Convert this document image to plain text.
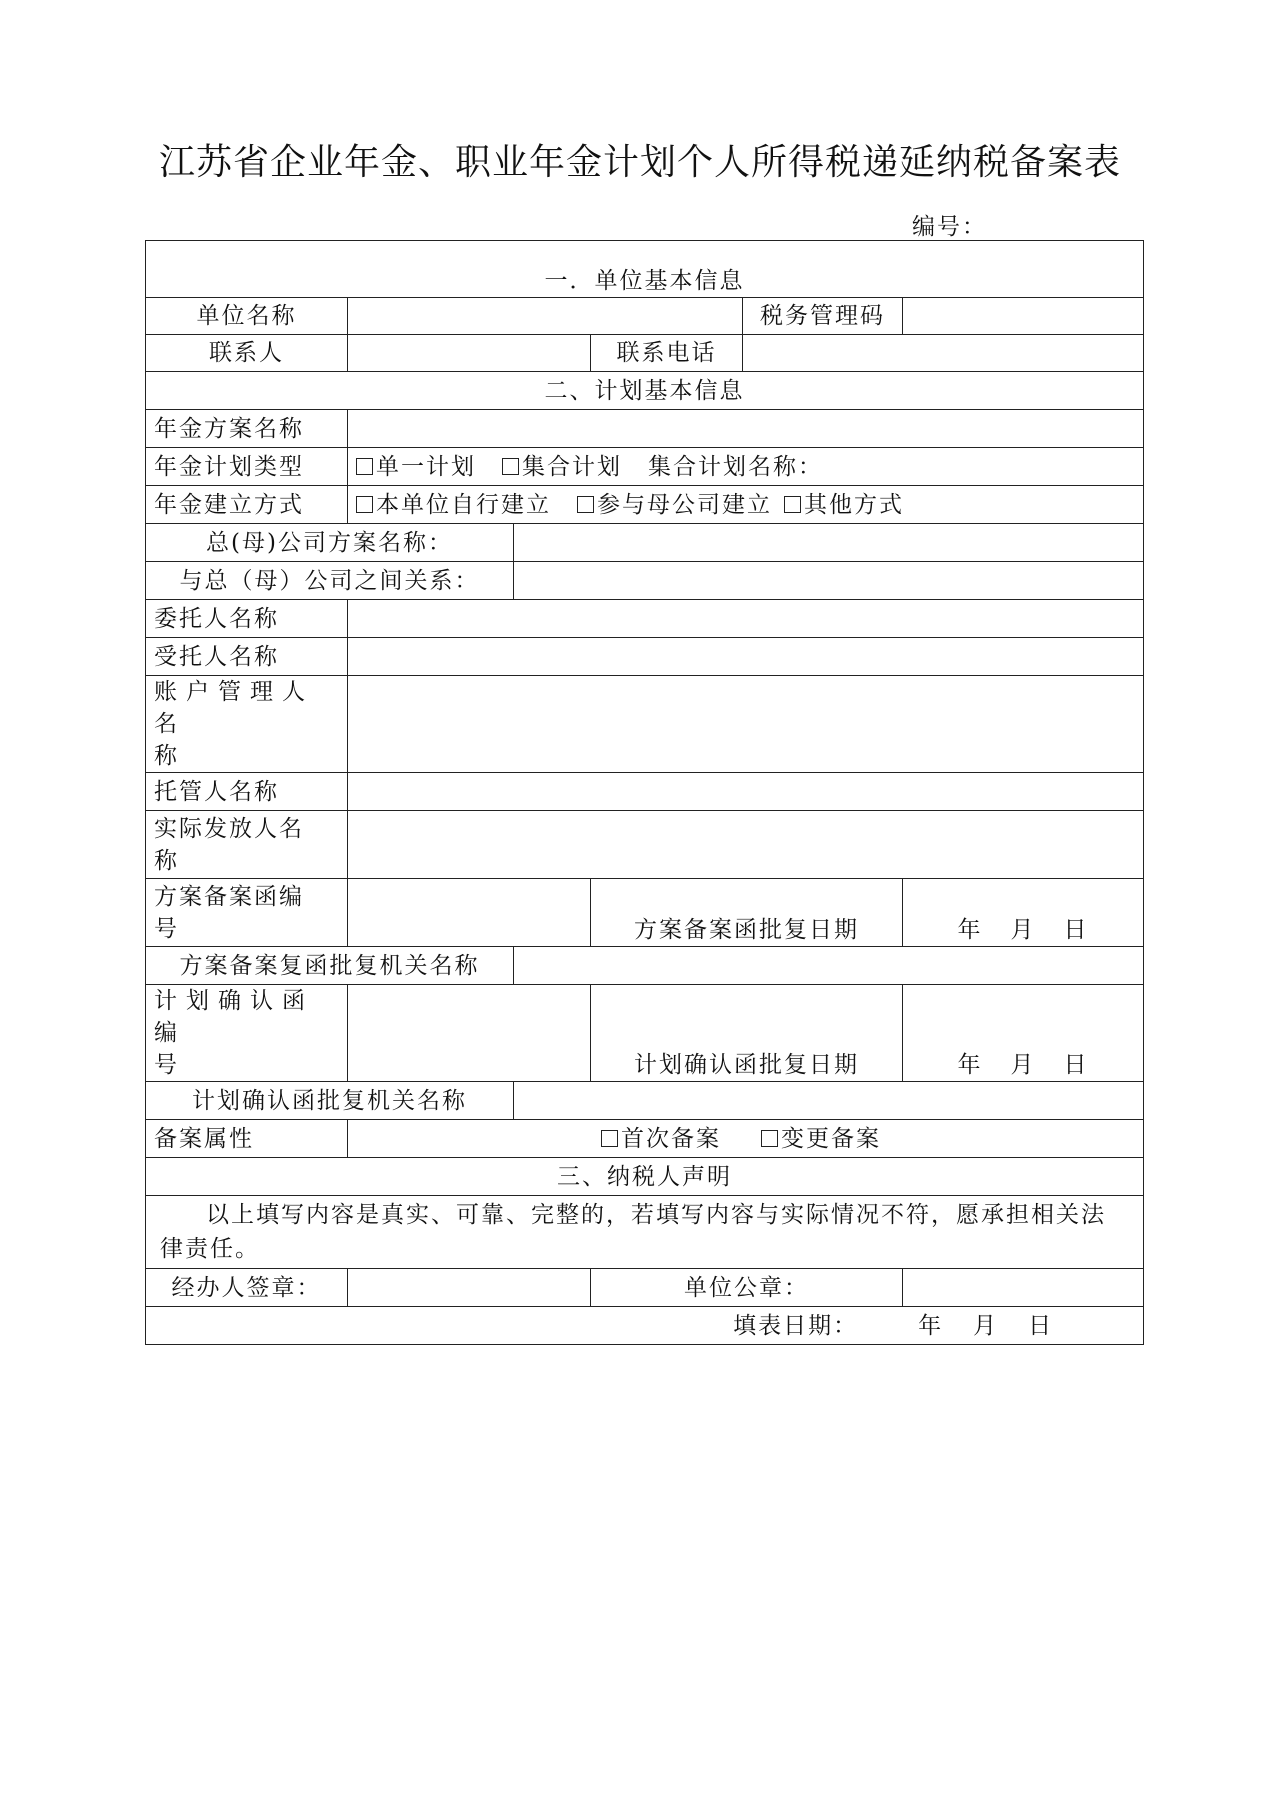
江苏省企业年金、职业年金计划个人所得税递延纳税备案表
编号：
一．单位基本信息					
单位名称				税务管理码	
联系人			联系电话		
二、计划基本信息					
年金方案名称					
年金计划类型	单一计划 集合计划 集合计划名称：				
年金建立方式	本单位自行建立 参与母公司建立 其他方式				
总(母)公司方案名称：					
与总（母）公司之间关系：					
委托人名称					
受托人名称					
账户管理人名
称					
托管人名称					
实际发放人名
称					
方案备案函编
号			方案备案函批复日期		年 月 日
方案备案复函批复机关名称					
计划确认函编
号			计划确认函批复日期		年 月 日
计划确认函批复机关名称					
备案属性	首次备案 变更备案				
三、纳税人声明					
以上填写内容是真实、可靠、完整的，若填写内容与实际情况不符，愿承担相关法律责任。					
经办人签章：			单位公章：		
填表日期： 年 月 日					
